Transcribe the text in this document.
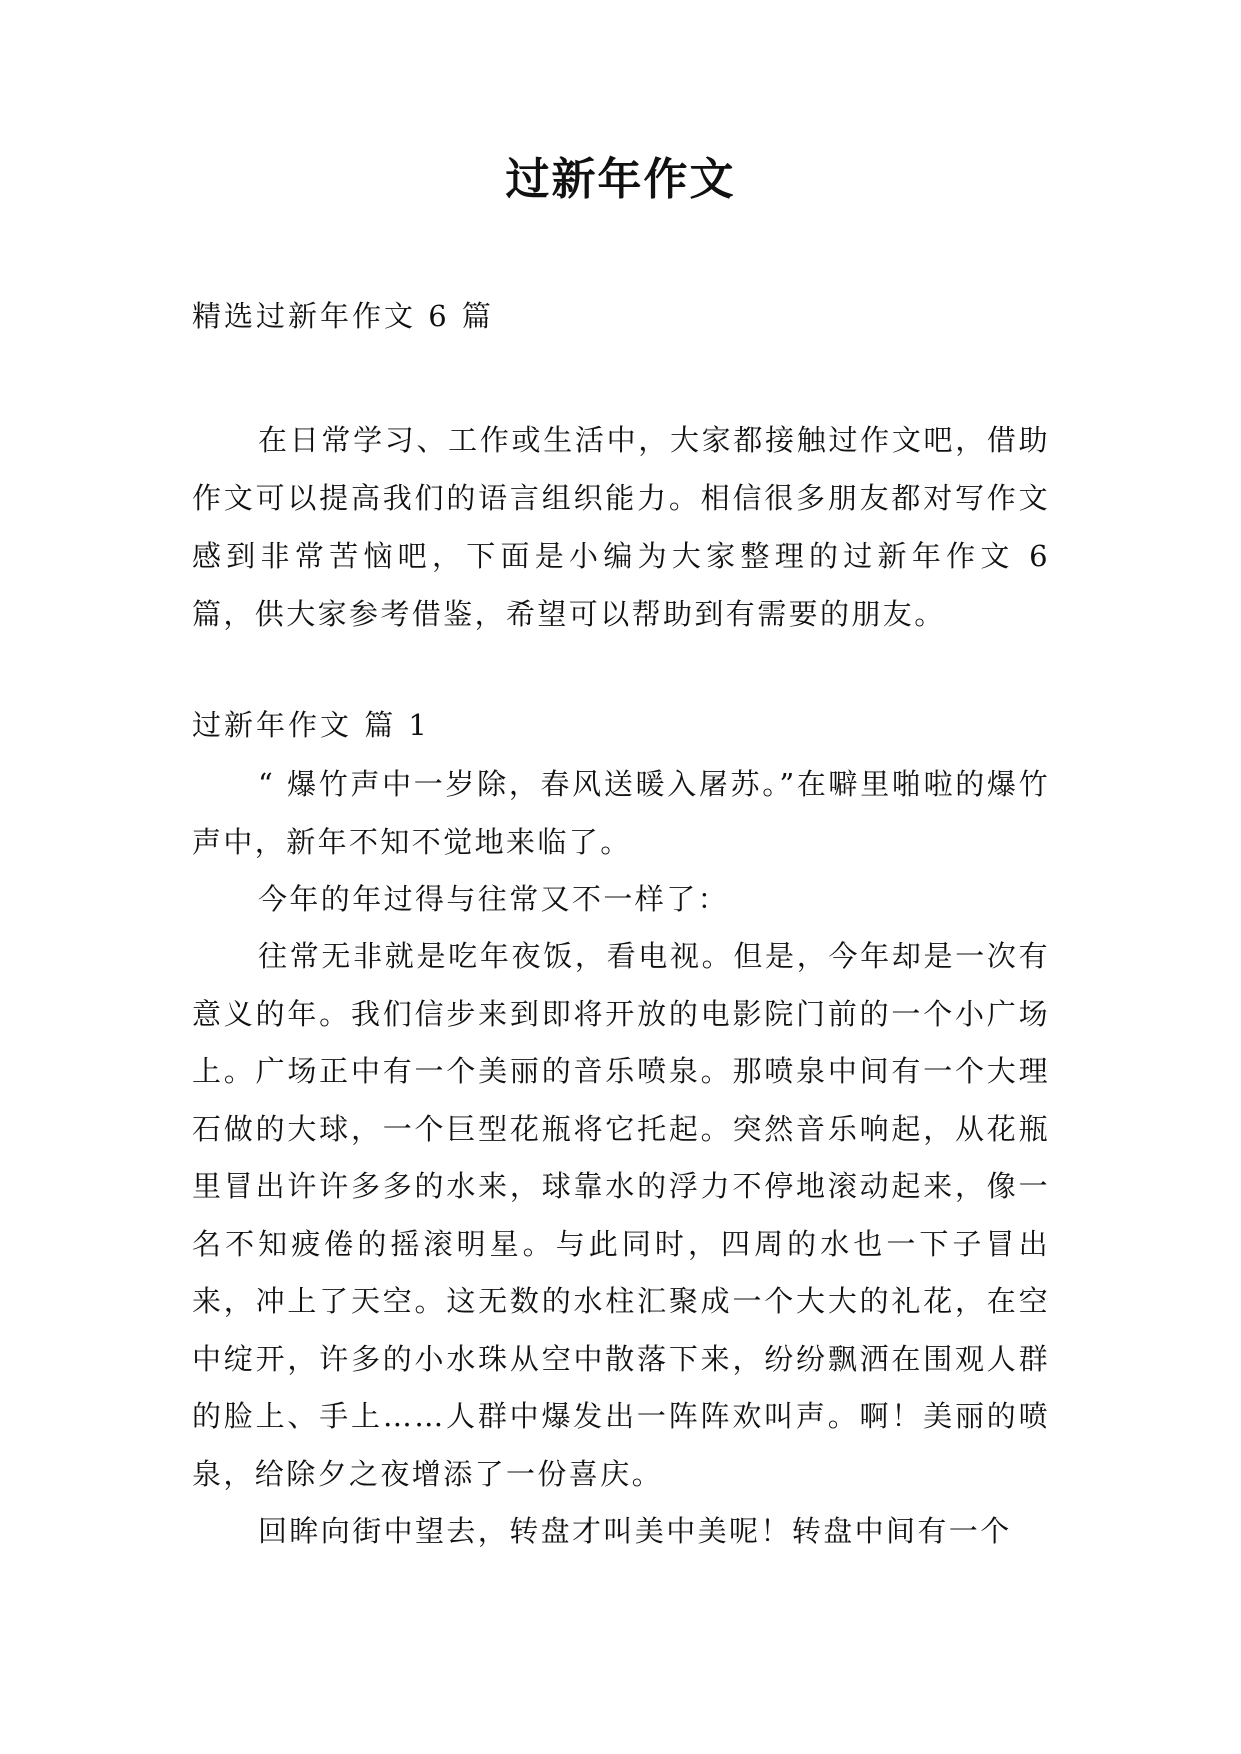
过新年作文

精选过新年作文 6 篇

在日常学习、工作或生活中，大家都接触过作文吧，借助作文可以提高我们的语言组织能力。相信很多朋友都对写作文感到非常苦恼吧，下面是小编为大家整理的过新年作文 6 篇，供大家参考借鉴，希望可以帮助到有需要的朋友。

过新年作文 篇 1

“ 爆竹声中一岁除，春风送暖入屠苏。”在噼里啪啦的爆竹声中，新年不知不觉地来临了。

今年的年过得与往常又不一样了：

往常无非就是吃年夜饭，看电视。但是，今年却是一次有意义的年。我们信步来到即将开放的电影院门前的一个小广场上。广场正中有一个美丽的音乐喷泉。那喷泉中间有一个大理石做的大球，一个巨型花瓶将它托起。突然音乐响起，从花瓶里冒出许许多多的水来，球靠水的浮力不停地滚动起来，像一名不知疲倦的摇滚明星。与此同时，四周的水也一下子冒出来，冲上了天空。这无数的水柱汇聚成一个大大的礼花，在空中绽开，许多的小水珠从空中散落下来，纷纷飘洒在围观人群的脸上、手上……人群中爆发出一阵阵欢叫声。啊！美丽的喷泉，给除夕之夜增添了一份喜庆。

回眸向街中望去，转盘才叫美中美呢！转盘中间有一个
